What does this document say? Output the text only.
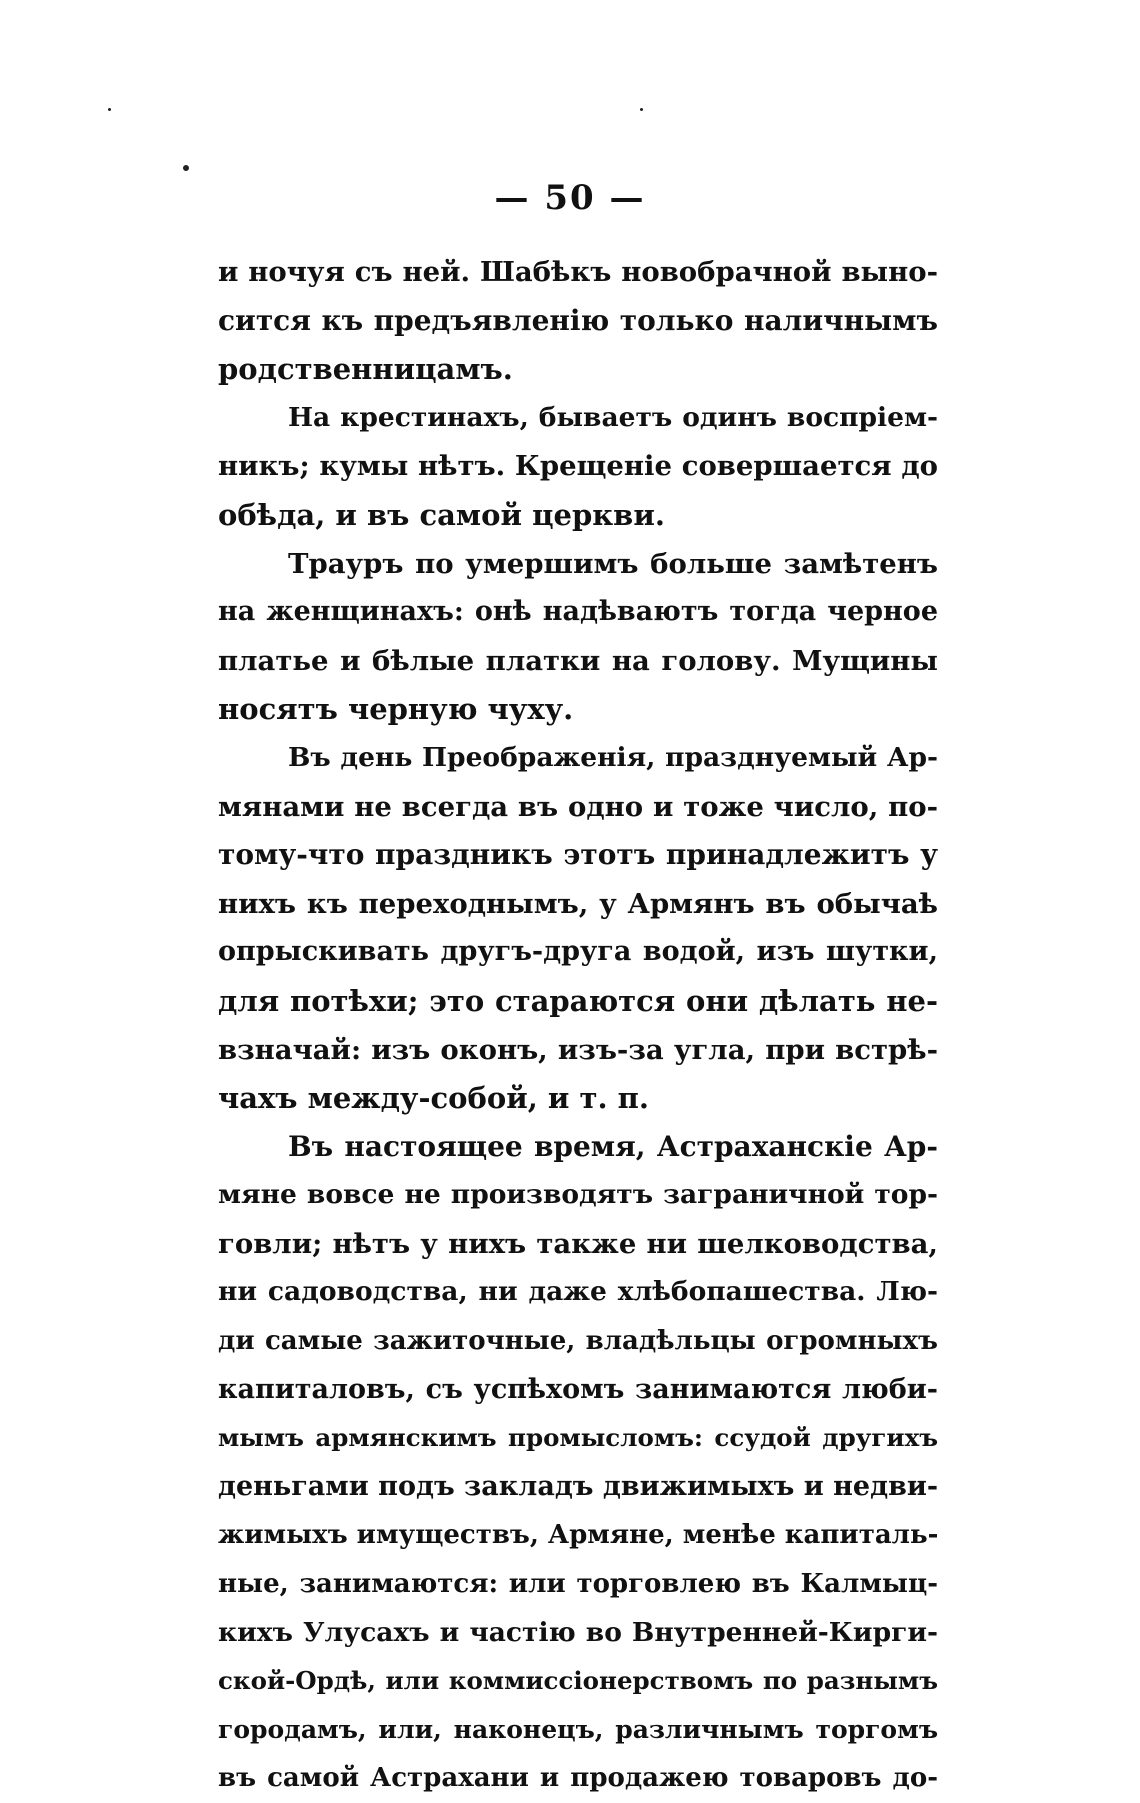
— 50 —
и ночуя съ ней. Шабѣкъ новобрачной выно-
сится къ предъявленію только наличнымъ
родственницамъ.
На крестинахъ, бываетъ одинъ воспріем-
никъ; кумы нѣтъ. Крещеніе совершается до
обѣда, и въ самой церкви.
Трауръ по умершимъ больше замѣтенъ
на женщинахъ: онѣ надѣваютъ тогда черное
платье и бѣлые платки на голову. Мущины
носятъ черную чуху.
Въ день Преображенія, празднуемый Ар-
мянами не всегда въ одно и тоже число, по-
тому-что праздникъ этотъ принадлежитъ у
нихъ къ переходнымъ, у Армянъ въ обычаѣ
опрыскивать другъ-друга водой, изъ шутки,
для потѣхи; это стараются они дѣлать не-
взначай: изъ оконъ, изъ-за угла, при встрѣ-
чахъ между-собой, и т. п.
Въ настоящее время, Астраханскіе Ар-
мяне вовсе не производятъ заграничной тор-
говли; нѣтъ у нихъ также ни шелководства,
ни садоводства, ни даже хлѣбопашества. Лю-
ди самые зажиточные, владѣльцы огромныхъ
капиталовъ, съ успѣхомъ занимаются люби-
мымъ армянскимъ промысломъ: ссудой другихъ
деньгами подъ закладъ движимыхъ и недви-
жимыхъ имуществъ, Армяне, менѣе капиталь-
ные, занимаются: или торговлею въ Калмыц-
кихъ Улусахъ и частію во Внутренней-Кирги-
ской-Ордѣ, или коммиссіонерствомъ по разнымъ
городамъ, или, наконецъ, различнымъ торгомъ
въ самой Астрахани и продажею товаровъ до-
